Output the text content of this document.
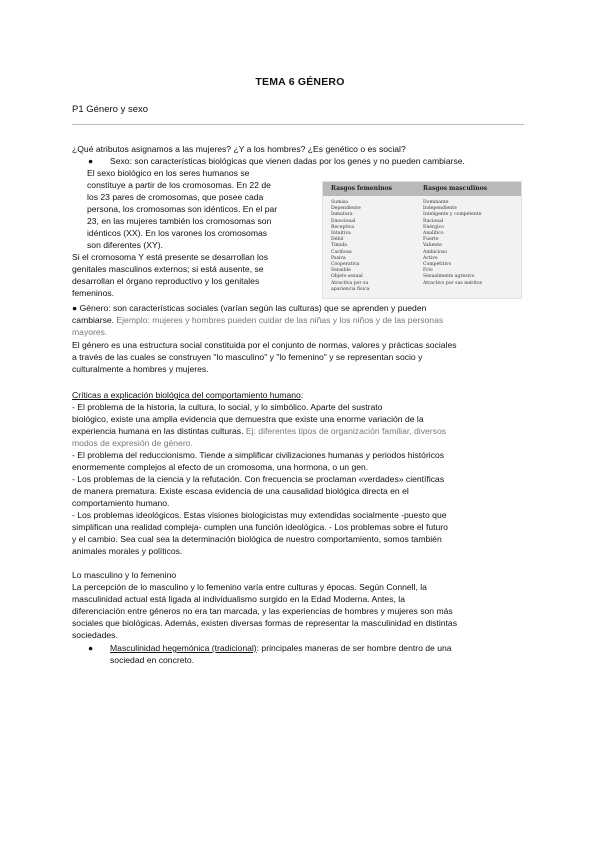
TEMA 6 GÉNERO
P1 Género y sexo
¿Qué atributos asignamos a las mujeres? ¿Y a los hombres? ¿Es genético o es social?
● Sexo: son características biológicas que vienen dadas por los genes y no pueden cambiarse.
El sexo biológico en los seres humanos se
constituye a partir de los cromosomas. En 22 de
los 23 pares de cromosomas, que posee cada
persona, los cromosomas son idénticos. En el par
23, en las mujeres también los cromosomas son
idénticos (XX). En los varones los cromosomas
son diferentes (XY).
Si el cromosoma Y está presente se desarrollan los
genitales masculinos externos; si está ausente, se
desarrollan el órgano reproductivo y los genitales
femeninos.
Rasgos femeninos	Rasgos masculinos
Sumisa
Dependiente
Inmatura
Emocional
Receptiva
Intuitiva
Débil
Tímida
Cariñosa
Pasiva
Cooperativa
Sensible
Objeto sexual
Atractiva por su apariencia física
Dominante
Independiente
Inteligente y competente
Racional
Enérgico
Analítico
Fuerte
Valiente
Ambicioso
Activo
Competitivo
Frío
Sexualmente agresivo
Atractivo por sus méritos
● Género: son características sociales (varían según las culturas) que se aprenden y pueden
cambiarse. Ejemplo: mujeres y hombres pueden cuidar de las niñas y los niños y de las personas
mayores.
El género es una estructura social constituida por el conjunto de normas, valores y prácticas sociales
a través de las cuales se construyen "lo masculino" y "lo femenino" y se representan socio y
culturalmente a hombres y mujeres.
Críticas a explicación biológica del comportamiento humano:
- El problema de la historia, la cultura, lo social, y lo simbólico. Aparte del sustrato
biológico, existe una amplia evidencia que demuestra que existe una enorme variación de la
experiencia humana en las distintas culturas. Ej: diferentes tipos de organización familiar, diversos
modos de expresión de género.
- El problema del reduccionismo. Tiende a simplificar civilizaciones humanas y periodos históricos
enormemente complejos al efecto de un cromosoma, una hormona, o un gen.
- Los problemas de la ciencia y la refutación. Con frecuencia se proclaman «verdades» científicas
de manera prematura. Existe escasa evidencia de una causalidad biológica directa en el
comportamiento humano.
- Los problemas ideológicos. Estas visiones biologicistas muy extendidas socialmente -puesto que
simplifican una realidad compleja- cumplen una función ideológica. - Los problemas sobre el futuro
y el cambio. Sea cual sea la determinación biológica de nuestro comportamiento, somos también
animales morales y políticos.
Lo masculino y lo femenino
La percepción de lo masculino y lo femenino varía entre culturas y épocas. Según Connell, la
masculinidad actual está ligada al individualismo surgido en la Edad Moderna. Antes, la
diferenciación entre géneros no era tan marcada, y las experiencias de hombres y mujeres son más
sociales que biológicas. Además, existen diversas formas de representar la masculinidad en distintas
sociedades.
● Masculinidad hegemónica (tradicional): principales maneras de ser hombre dentro de una
sociedad en concreto.
